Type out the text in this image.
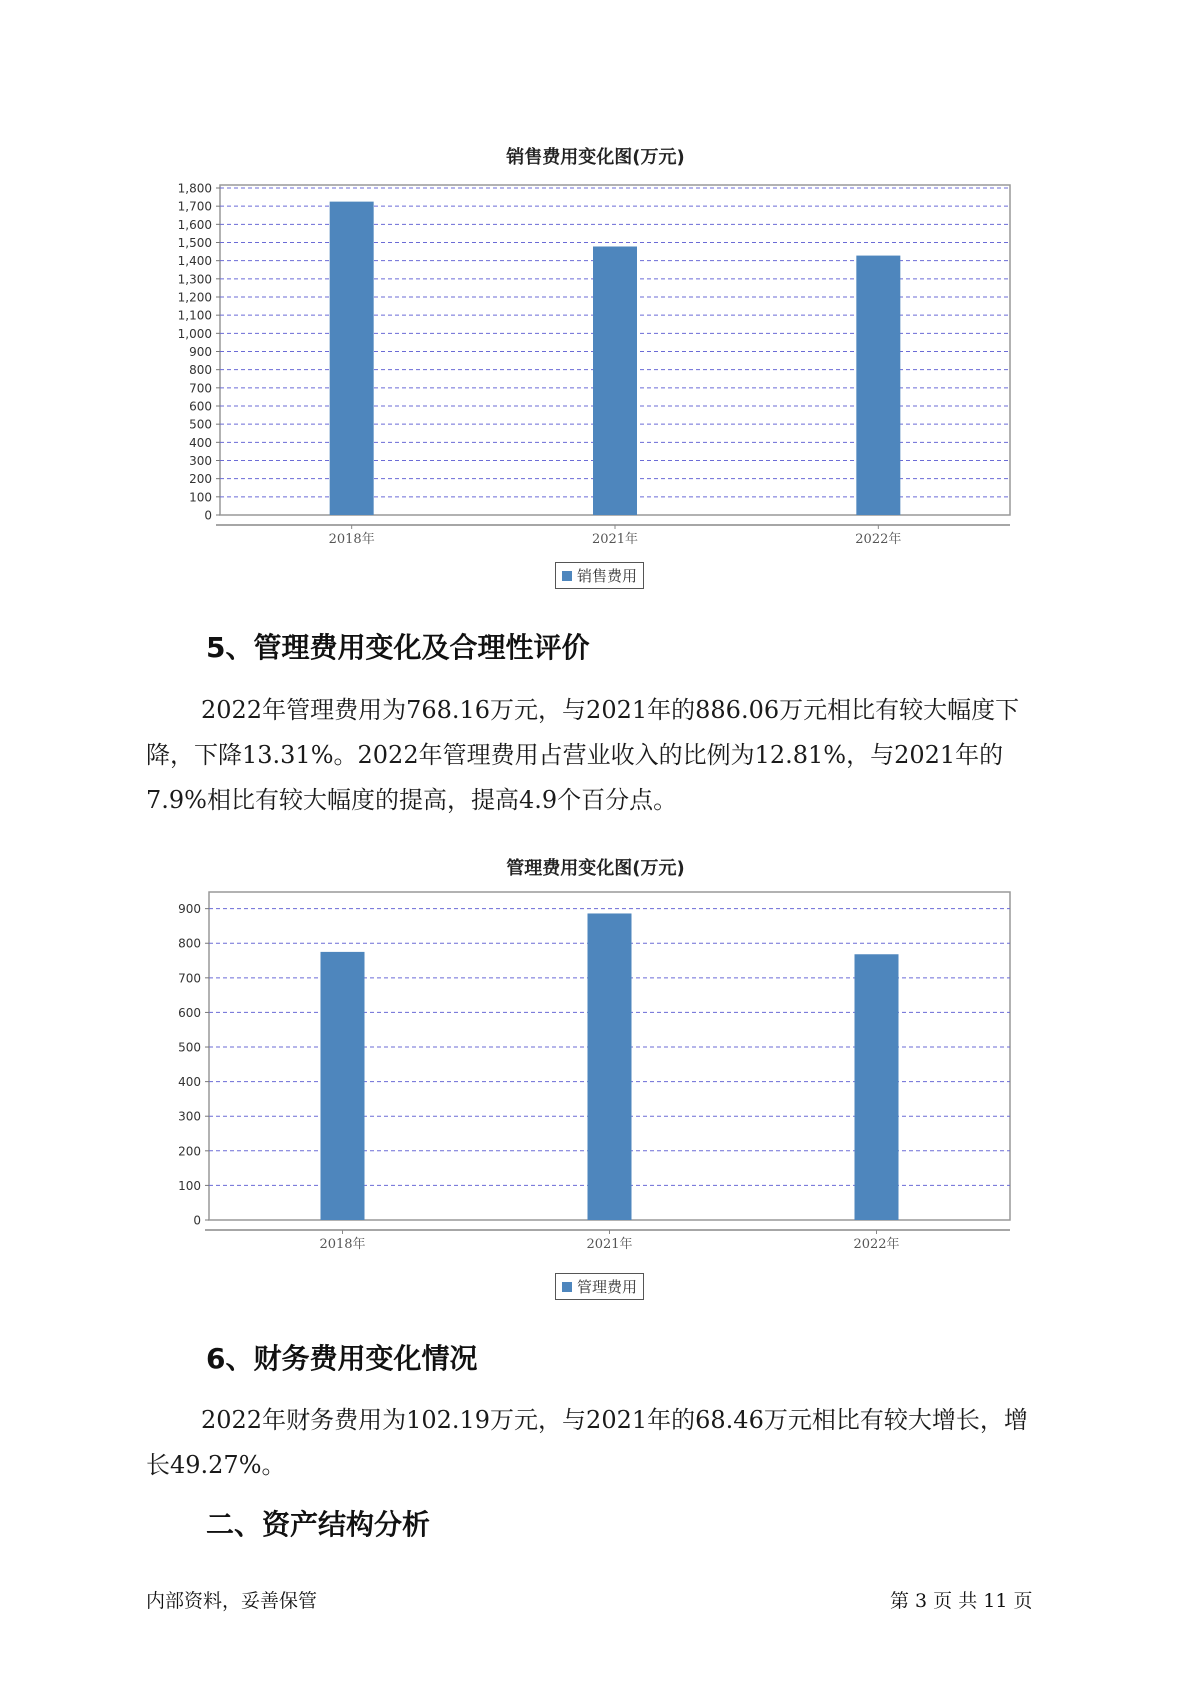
销售费用变化图(万元)
0
100
200
300
400
500
600
700
800
900
1,000
1,100
1,200
1,300
1,400
1,500
1,600
1,700
1,800
2018年	2021年	2022年
销售费用
5、管理费用变化及合理性评价

2022年管理费用为768.16万元，与2021年的886.06万元相比有较大幅度下降，下降13.31%。2022年管理费用占营业收入的比例为12.81%，与2021年的7.9%相比有较大幅度的提高，提高4.9个百分点。

管理费用变化图(万元)
0
100
200
300
400
500
600
700
800
900
2018年	2021年	2022年
管理费用
6、财务费用变化情况

2022年财务费用为102.19万元，与2021年的68.46万元相比有较大增长，增长49.27%。

二、资产结构分析
内部资料，妥善保管	第 3 页 共 11 页
